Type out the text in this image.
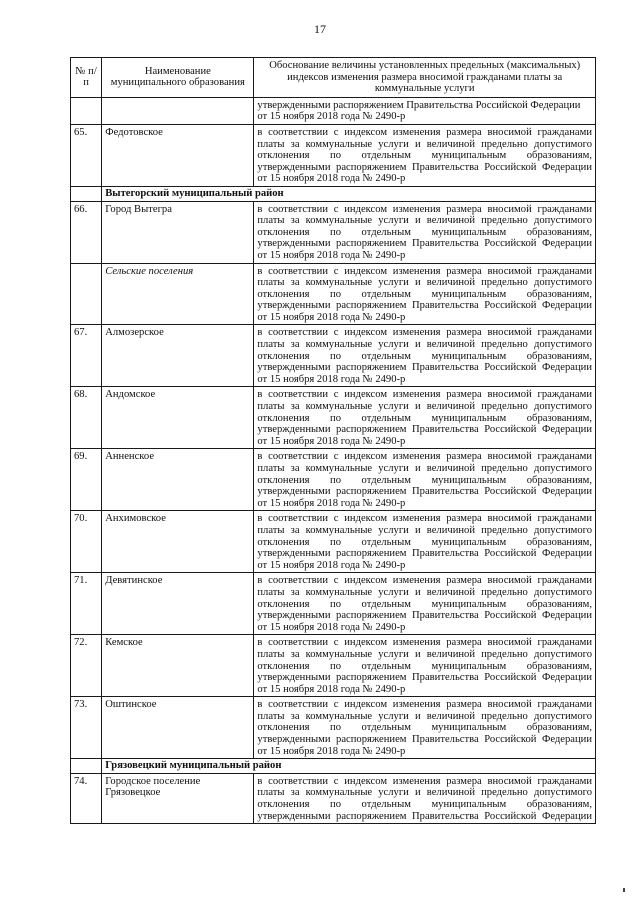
17
№ п/п	Наименование муниципального образования	Обоснование величины установленных предельных (максимальных) индексов изменения размера вносимой гражданами платы за коммунальные услуги

		утвержденными распоряжением Правительства Российской Федерации
от 15 ноября 2018 года № 2490-р

65.	Федотовское	в соответствии с индексом изменения размера вносимой гражданами
платы за коммунальные услуги и величиной предельно допустимого
отклонения по отдельным муниципальным образованиям,
утвержденными распоряжением Правительства Российской Федерации
от 15 ноября 2018 года № 2490-р

	Вытегорский муниципальный район	
66.	Город Вытегра	в соответствии с индексом изменения размера вносимой гражданами
платы за коммунальные услуги и величиной предельно допустимого
отклонения по отдельным муниципальным образованиям,
утвержденными распоряжением Правительства Российской Федерации
от 15 ноября 2018 года № 2490-р

	Сельские поселения	в соответствии с индексом изменения размера вносимой гражданами
платы за коммунальные услуги и величиной предельно допустимого
отклонения по отдельным муниципальным образованиям,
утвержденными распоряжением Правительства Российской Федерации
от 15 ноября 2018 года № 2490-р

67.	Алмозерское	в соответствии с индексом изменения размера вносимой гражданами
платы за коммунальные услуги и величиной предельно допустимого
отклонения по отдельным муниципальным образованиям,
утвержденными распоряжением Правительства Российской Федерации
от 15 ноября 2018 года № 2490-р

68.	Андомское	в соответствии с индексом изменения размера вносимой гражданами
платы за коммунальные услуги и величиной предельно допустимого
отклонения по отдельным муниципальным образованиям,
утвержденными распоряжением Правительства Российской Федерации
от 15 ноября 2018 года № 2490-р

69.	Анненское	в соответствии с индексом изменения размера вносимой гражданами
платы за коммунальные услуги и величиной предельно допустимого
отклонения по отдельным муниципальным образованиям,
утвержденными распоряжением Правительства Российской Федерации
от 15 ноября 2018 года № 2490-р

70.	Анхимовское	в соответствии с индексом изменения размера вносимой гражданами
платы за коммунальные услуги и величиной предельно допустимого
отклонения по отдельным муниципальным образованиям,
утвержденными распоряжением Правительства Российской Федерации
от 15 ноября 2018 года № 2490-р

71.	Девятинское	в соответствии с индексом изменения размера вносимой гражданами
платы за коммунальные услуги и величиной предельно допустимого
отклонения по отдельным муниципальным образованиям,
утвержденными распоряжением Правительства Российской Федерации
от 15 ноября 2018 года № 2490-р

72.	Кемское	в соответствии с индексом изменения размера вносимой гражданами
платы за коммунальные услуги и величиной предельно допустимого
отклонения по отдельным муниципальным образованиям,
утвержденными распоряжением Правительства Российской Федерации
от 15 ноября 2018 года № 2490-р

73.	Оштинское	в соответствии с индексом изменения размера вносимой гражданами
платы за коммунальные услуги и величиной предельно допустимого
отклонения по отдельным муниципальным образованиям,
утвержденными распоряжением Правительства Российской Федерации
от 15 ноября 2018 года № 2490-р

	Грязовецкий муниципальный район	
74.	Городское поселение Грязовецкое	в соответствии с индексом изменения размера вносимой гражданами
платы за коммунальные услуги и величиной предельно допустимого
отклонения по отдельным муниципальным образованиям,
утвержденными распоряжением Правительства Российской Федерации
